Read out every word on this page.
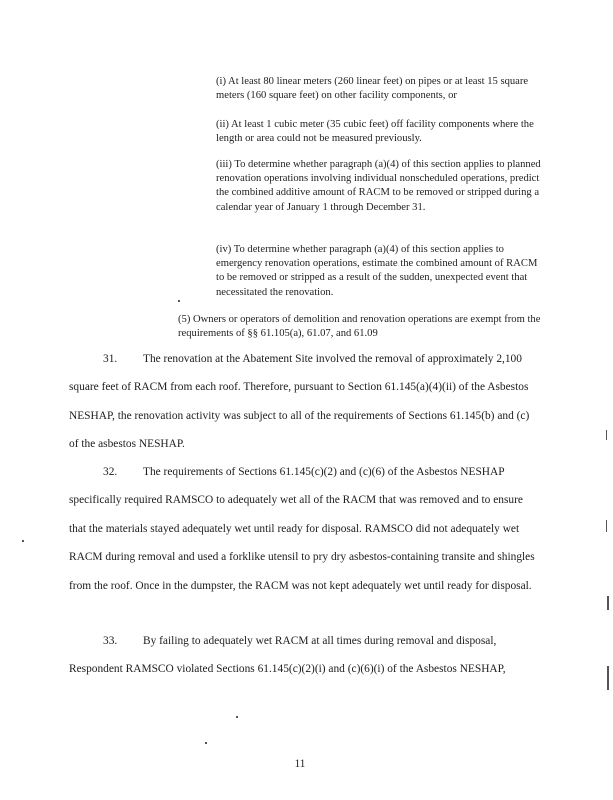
(i) At least 80 linear meters (260 linear feet) on pipes or at least 15 square meters (160 square feet) on other facility components, or

(ii) At least 1 cubic meter (35 cubic feet) off facility components where the length or area could not be measured previously.

(iii) To determine whether paragraph (a)(4) of this section applies to planned renovation operations involving individual nonscheduled operations, predict the combined additive amount of RACM to be removed or stripped during a calendar year of January 1 through December 31.

(iv) To determine whether paragraph (a)(4) of this section applies to emergency renovation operations, estimate the combined amount of RACM to be removed or stripped as a result of the sudden, unexpected event that necessitated the renovation.

(5) Owners or operators of demolition and renovation operations are exempt from the requirements of §§ 61.105(a), 61.07, and 61.09

31. The renovation at the Abatement Site involved the removal of approximately 2,100 square feet of RACM from each roof. Therefore, pursuant to Section 61.145(a)(4)(ii) of the Asbestos NESHAP, the renovation activity was subject to all of the requirements of Sections 61.145(b) and (c) of the asbestos NESHAP.

32. The requirements of Sections 61.145(c)(2) and (c)(6) of the Asbestos NESHAP specifically required RAMSCO to adequately wet all of the RACM that was removed and to ensure that the materials stayed adequately wet until ready for disposal. RAMSCO did not adequately wet RACM during removal and used a forklike utensil to pry dry asbestos-containing transite and shingles from the roof. Once in the dumpster, the RACM was not kept adequately wet until ready for disposal.

33. By failing to adequately wet RACM at all times during removal and disposal, Respondent RAMSCO violated Sections 61.145(c)(2)(i) and (c)(6)(i) of the Asbestos NESHAP,

11
